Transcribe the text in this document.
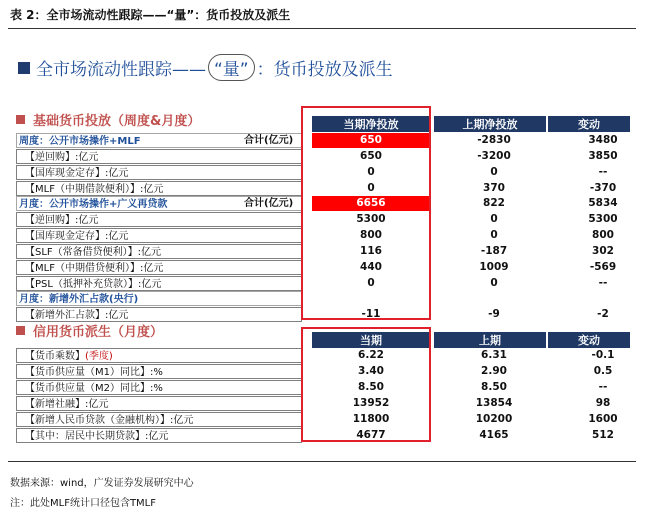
表 2：全市场流动性跟踪——“量”：货币投放及派生
全市场流动性跟踪—— “量” ：货币投放及派生
基础货币投放（周度&月度）	当期净投放	上期净投放	变动
周度：公开市场操作+MLF	合计(亿元)	650	-2830	3480
【逆回购】:亿元	650	-3200	3850
【国库现金定存】:亿元	0	0	--
【MLF（中期借款便利）】:亿元	0	370	-370
月度：公开市场操作+广义再贷款	合计(亿元)	6656	822	5834
【逆回购】:亿元	5300	0	5300
【国库现金定存】:亿元	800	0	800
【SLF（常备借贷便利）】:亿元	116	-187	302
【MLF（中期借贷便利）】:亿元	440	1009	-569
【PSL（抵押补充贷款）】:亿元	0	0	--
月度：新增外汇占款(央行)
【新增外汇占款】:亿元	-11	-9	-2
信用货币派生（月度）
当期	上期	变动
【货币乘数】(季度)	6.22	6.31	-0.1
【货币供应量（M1）同比】:%	3.40	2.90	0.5
【货币供应量（M2）同比】:%	8.50	8.50	--
【新增社融】:亿元	13952	13854	98
【新增人民币贷款（金融机构）】:亿元	11800	10200	1600
【其中：居民中长期贷款】:亿元	4677	4165	512
数据来源：wind，广发证券发展研究中心
注：此处MLF统计口径包含TMLF
